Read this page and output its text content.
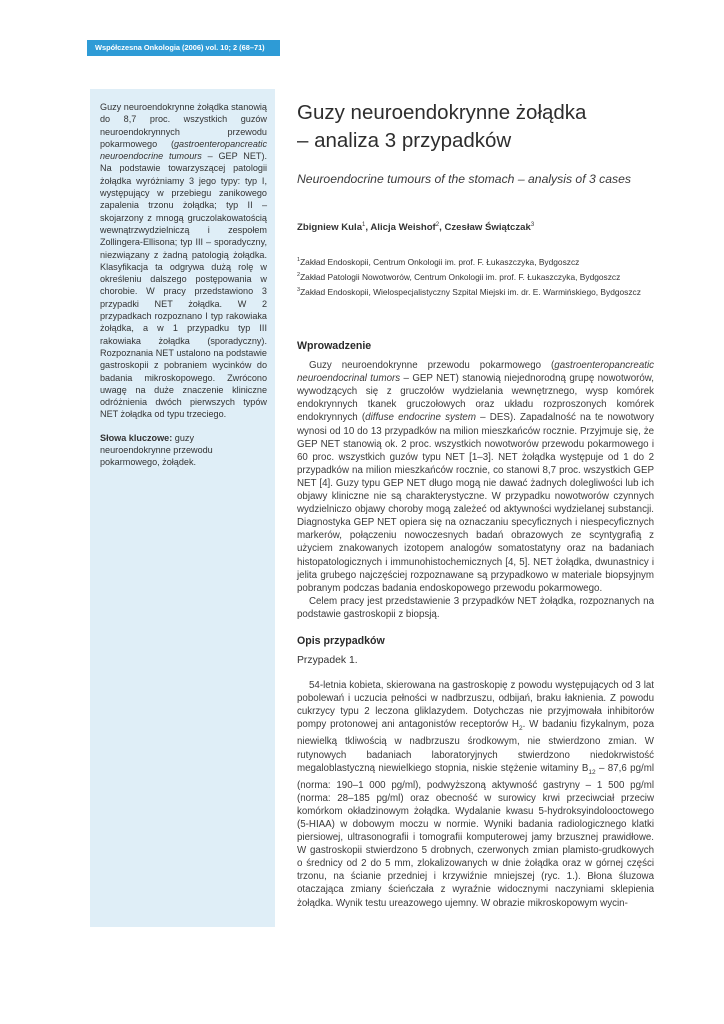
Współczesna Onkologia (2006) vol. 10; 2 (68–71)

Guzy neuroendokrynne żołądka stanowią do 8,7 proc. wszystkich guzów neuroendokrynnych przewodu pokarmowego (gastroenteropancreatic neuroendocrine tumours – GEP NET). Na podstawie towarzyszącej patologii żołądka wyróżniamy 3 jego typy: typ I, występujący w przebiegu zanikowego zapalenia trzonu żołądka; typ II – skojarzony z mnogą gruczolakowatością wewnątrzwydzielniczą i zespołem Zollingera-Ellisona; typ III – sporadyczny, niezwiązany z żadną patologią żołądka. Klasyfikacja ta odgrywa dużą rolę w określeniu dalszego postępowania w chorobie. W pracy przedstawiono 3 przypadki NET żołądka. W 2 przypadkach rozpoznano I typ rakowiaka żołądka, a w 1 przypadku typ III rakowiaka żołądka (sporadyczny). Rozpoznania NET ustalono na podstawie gastroskopii z pobraniem wycinków do badania mikroskopowego. Zwrócono uwagę na duże znaczenie kliniczne odróżnienia dwóch pierwszych typów NET żołądka od typu trzeciego.

Słowa kluczowe: guzy neuroendokrynne przewodu pokarmowego, żołądek.
Guzy neuroendokrynne żołądka
– analiza 3 przypadków

Neuroendocrine tumours of the stomach – analysis of 3 cases

Zbigniew Kula$^1$, Alicja Weishof$^2$, Czesław Świątczak$^3$
$^1$Zakład Endoskopii, Centrum Onkologii im. prof. F. Łukaszczyka, Bydgoszcz
$^2$Zakład Patologii Nowotworów, Centrum Onkologii im. prof. F. Łukaszczyka, Bydgoszcz
$^3$Zakład Endoskopii, Wielospecjalistyczny Szpital Miejski im. dr. E. Warmińskiego, Bydgoszcz
Wprowadzenie

Guzy neuroendokrynne przewodu pokarmowego (gastroenteropancreatic neuroendocrinal tumors – GEP NET) stanowią niejednorodną grupę nowotworów, wywodzących się z gruczołów wydzielania wewnętrznego, wysp komórek endokrynnych tkanek gruczołowych oraz układu rozproszonych komórek endokrynnych (diffuse endocrine system – DES). Zapadalność na te nowotwory wynosi od 10 do 13 przypadków na milion mieszkańców rocznie. Przyjmuje się, że GEP NET stanowią ok. 2 proc. wszystkich nowotworów przewodu pokarmowego i 60 proc. wszystkich guzów typu NET [1–3]. NET żołądka występuje od 1 do 2 przypadków na milion mieszkańców rocznie, co stanowi 8,7 proc. wszystkich GEP NET [4]. Guzy typu GEP NET długo mogą nie dawać żadnych dolegliwości lub ich objawy kliniczne nie są charakterystyczne. W przypadku nowotworów czynnych wydzielniczo objawy choroby mogą zależeć od aktywności wydzielanej substancji. Diagnostyka GEP NET opiera się na oznaczaniu specyficznych i niespecyficznych markerów, połączeniu nowoczesnych badań obrazowych ze scyntygrafią z użyciem znakowanych izotopem analogów somatostatyny oraz na badaniach histopatologicznych i immunohistochemicznych [4, 5]. NET żołądka, dwunastnicy i jelita grubego najczęściej rozpoznawane są przypadkowo w materiale biopsyjnym pobranym podczas badania endoskopowego przewodu pokarmowego.

Celem pracy jest przedstawienie 3 przypadków NET żołądka, rozpoznanych na podstawie gastroskopii z biopsją.

Opis przypadków
Przypadek 1.

54-letnia kobieta, skierowana na gastroskopię z powodu występujących od 3 lat pobolewań i uczucia pełności w nadbrzuszu, odbijań, braku łaknienia. Z powodu cukrzycy typu 2 leczona gliklazydem. Dotychczas nie przyjmowała inhibitorów pompy protonowej ani antagonistów receptorów $H_2$. W badaniu fizykalnym, poza niewielką tkliwością w nadbrzuszu środkowym, nie stwierdzono zmian. W rutynowych badaniach laboratoryjnych stwierdzono niedokrwistość megaloblastyczną niewielkiego stopnia, niskie stężenie witaminy $B_{12} - 87,6$ pg/ml (norma: 190–1 000 pg/ml), podwyższoną aktywność gastryny – 1 500 pg/ml (norma: 28–185 pg/ml) oraz obecność w surowicy krwi przeciwciał przeciw komórkom okładzinowym żołądka. Wydalanie kwasu 5-hydroksyindolooctowego (5-HIAA) w dobowym moczu w normie. Wyniki badania radiologicznego klatki piersiowej, ultrasonografii i tomografii komputerowej jamy brzusznej prawidłowe. W gastroskopii stwierdzono 5 drobnych, czerwonych zmian plamisto-grudkowych o średnicy od 2 do 5 mm, zlokalizowanych w dnie żołądka oraz w górnej części trzonu, na ścianie przedniej i krzywiźnie mniejszej (ryc. 1.). Błona śluzowa otaczająca zmiany ścieńczała z wyraźnie widocznymi naczyniami sklepienia żołądka. Wynik testu ureazowego ujemny. W obrazie mikroskopowym wycin-
